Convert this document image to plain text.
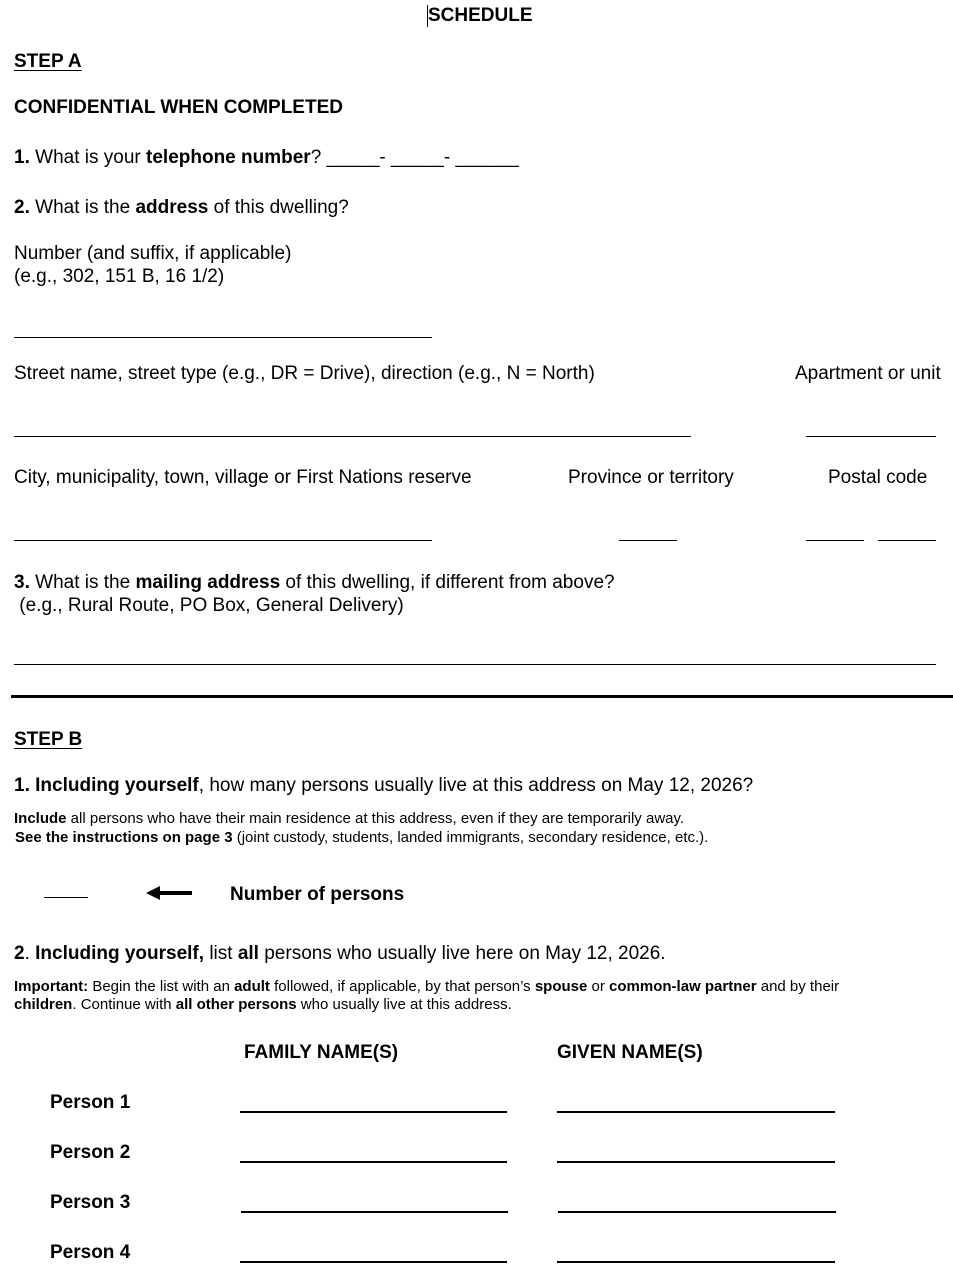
SCHEDULE
STEP A
CONFIDENTIAL WHEN COMPLETED
1. What is your telephone number? _____- _____- ______
2. What is the address of this dwelling?
Number (and suffix, if applicable)
(e.g., 302, 151 B, 16 1/2)
Street name, street type (e.g., DR = Drive), direction (e.g., N = North)	Apartment or unit
City, municipality, town, village or First Nations reserve	Province or territory	Postal code
3. What is the mailing address of this dwelling, if different from above?
(e.g., Rural Route, PO Box, General Delivery)
STEP B
1. Including yourself, how many persons usually live at this address on May 12, 2026?
Include all persons who have their main residence at this address, even if they are temporarily away.
See the instructions on page 3 (joint custody, students, landed immigrants, secondary residence, etc.).
Number of persons
2. Including yourself, list all persons who usually live here on May 12, 2026.
Important: Begin the list with an adult followed, if applicable, by that person’s spouse or common-law partner and by their
children. Continue with all other persons who usually live at this address.
FAMILY NAME(S)	GIVEN NAME(S)
Person 1
Person 2
Person 3
Person 4
